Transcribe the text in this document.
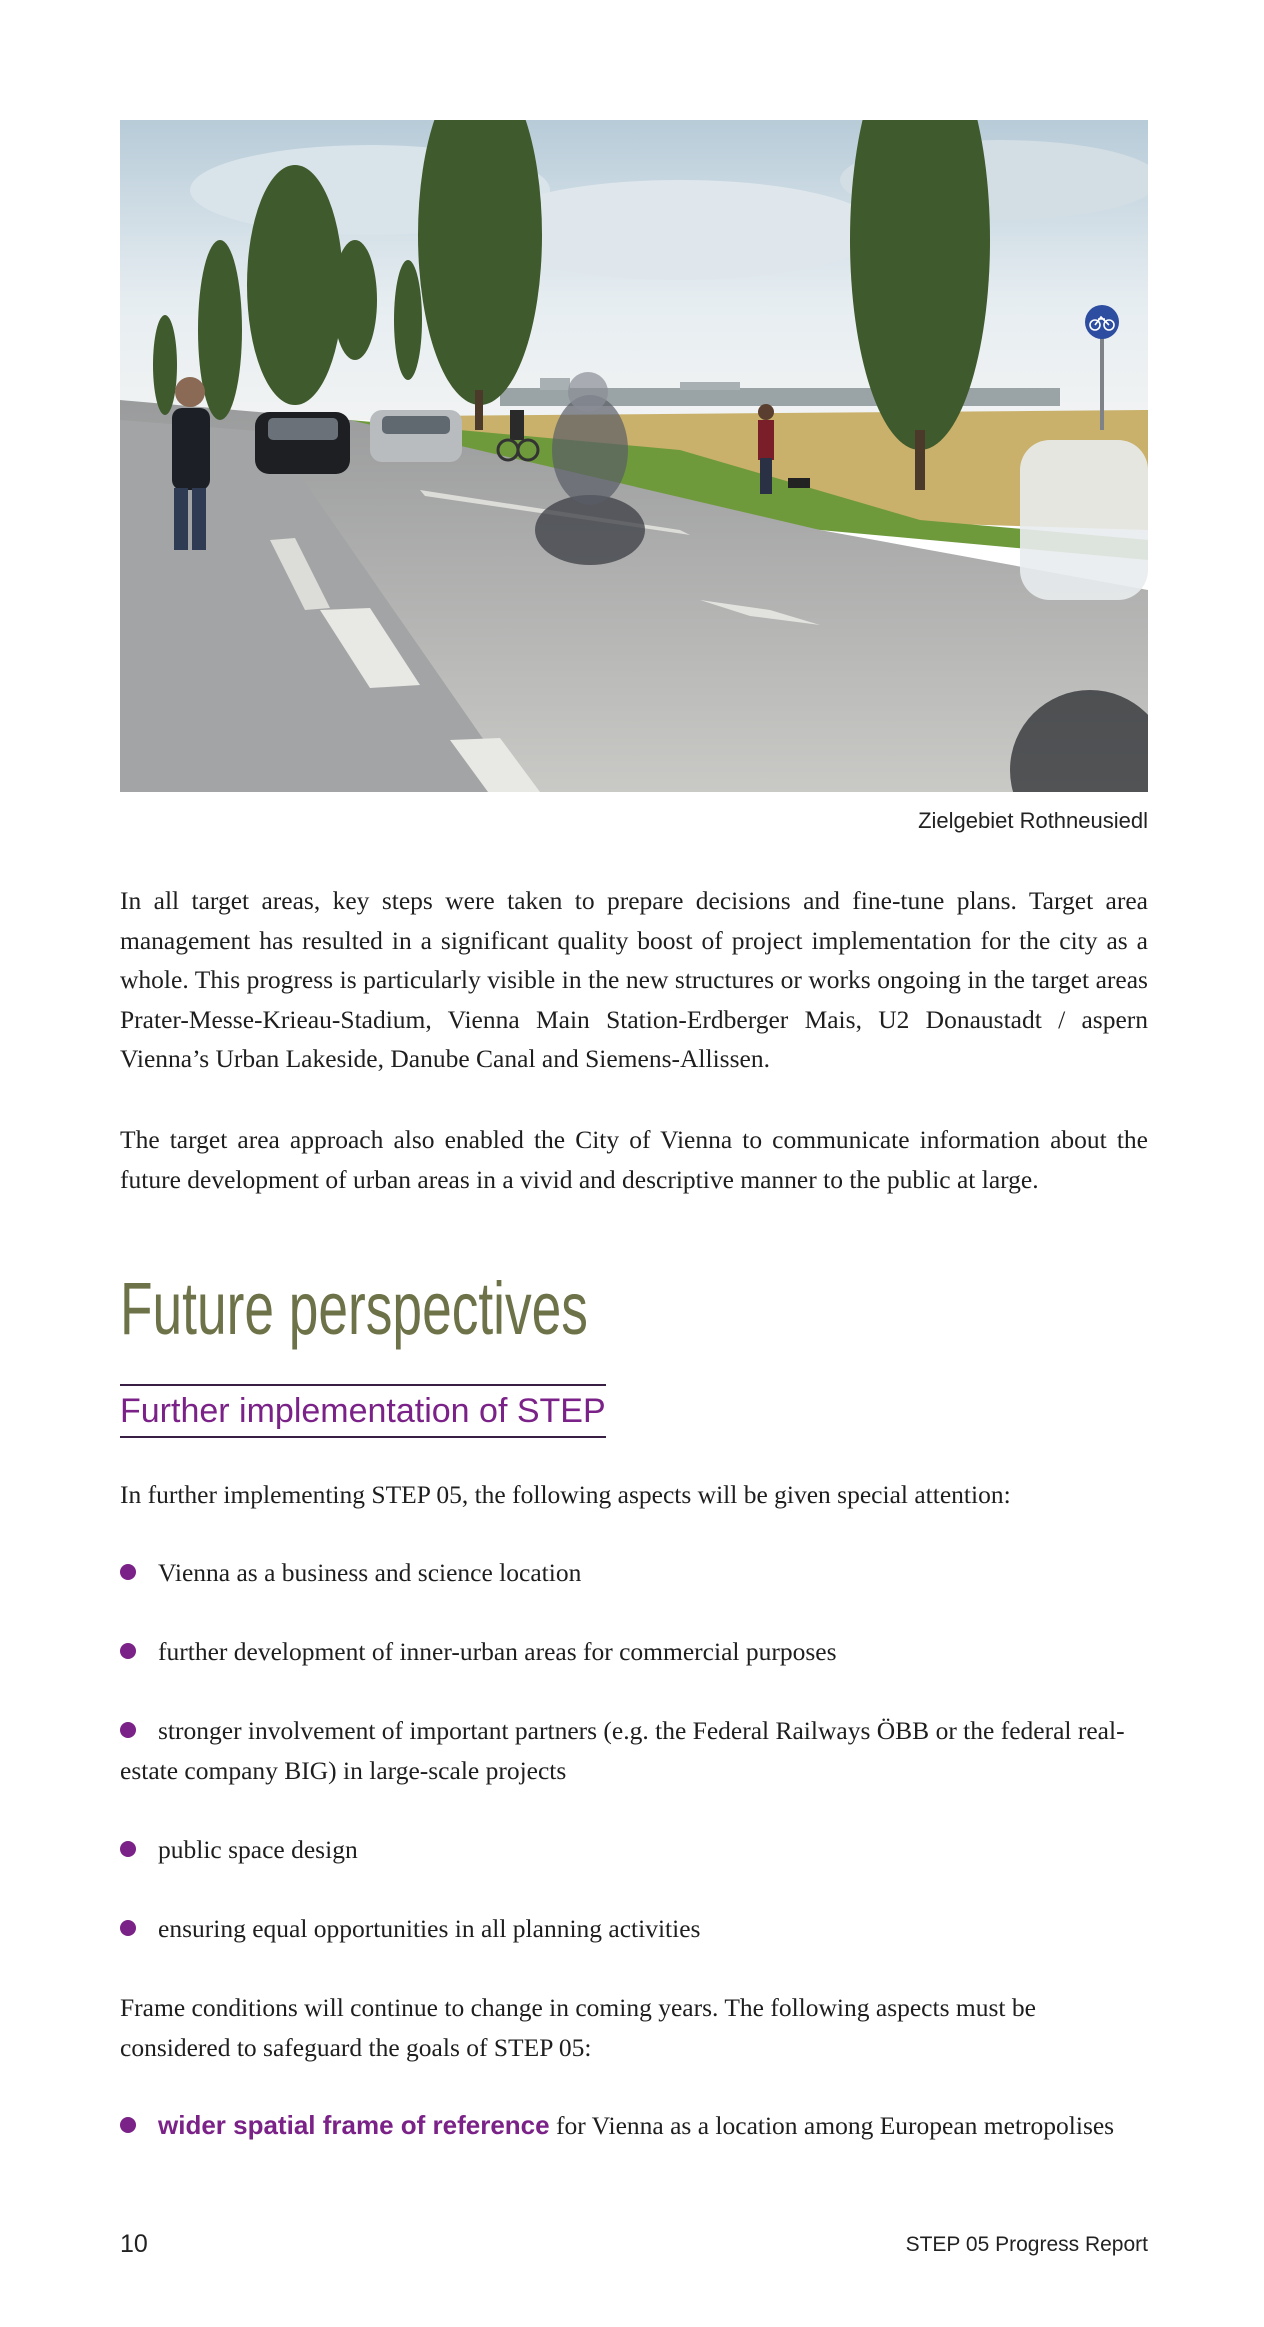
Zielgebiet Rothneusiedl
In all target areas, key steps were taken to prepare decisions and fine-tune plans. Target area management has resulted in a significant quality boost of project implementation for the city as a whole. This progress is particularly visible in the new structures or works ongoing in the target areas Prater-Messe-Krieau-Stadium, Vienna Main Station-Erdberger Mais, U2 Donaustadt / aspern Vienna’s Urban Lakeside, Danube Canal and Siemens-Allissen.
The target area approach also enabled the City of Vienna to communicate information about the future development of urban areas in a vivid and descriptive manner to the public at large.
Future perspectives
Further implementation of STEP
In further implementing STEP 05, the following aspects will be given special attention:
Vienna as a business and science location
further development of inner-urban areas for commercial purposes
stronger involvement of important partners (e.g. the Federal Railways ÖBB or the federal real-estate company BIG) in large-scale projects
public space design
ensuring equal opportunities in all planning activities
Frame conditions will continue to change in coming years. The following aspects must be considered to safeguard the goals of STEP 05:
wider spatial frame of reference for Vienna as a location among European metropolises
10	STEP 05 Progress Report
